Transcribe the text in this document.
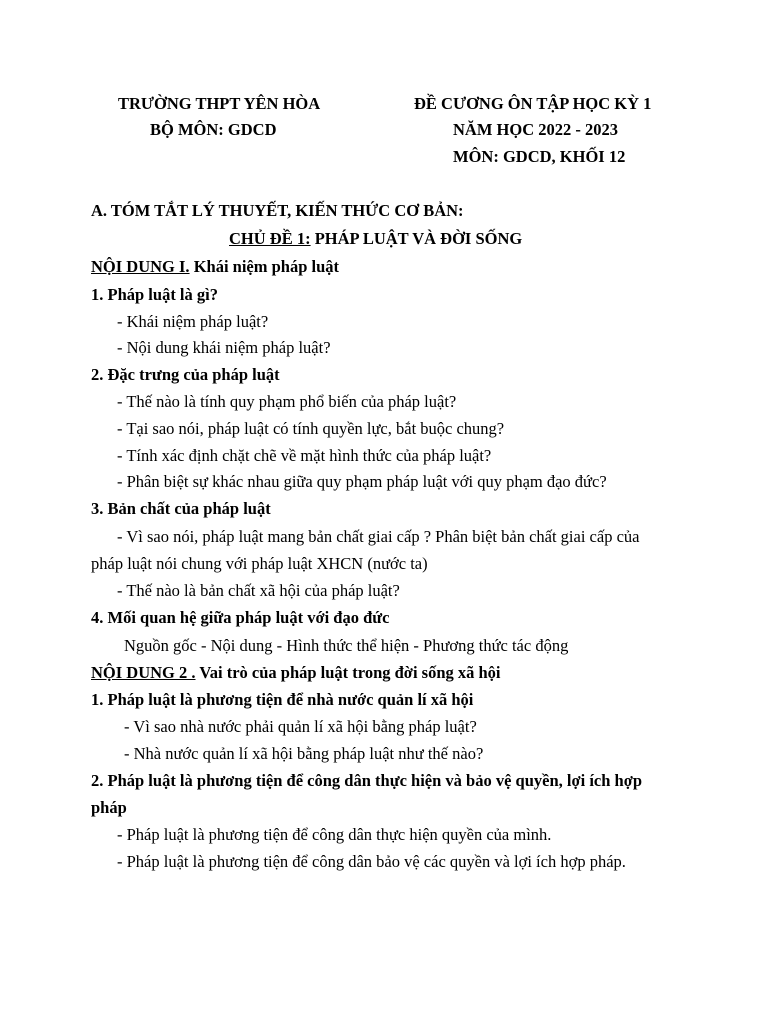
TRƯỜNG THPT YÊN HÒA
BỘ MÔN: GDCD
ĐỀ CƯƠNG ÔN TẬP HỌC KỲ 1
NĂM HỌC 2022 - 2023
MÔN: GDCD, KHỐI 12
A. TÓM TẮT LÝ THUYẾT, KIẾN THỨC CƠ BẢN:
CHỦ ĐỀ 1: PHÁP LUẬT VÀ ĐỜI SỐNG
NỘI DUNG I. Khái niệm pháp luật
1. Pháp luật là gì?
- Khái niệm pháp luật?
- Nội dung khái niệm pháp luật?
2. Đặc trưng của pháp luật
- Thế nào là tính quy phạm phổ biến của pháp luật?
- Tại sao nói, pháp luật có tính quyền lực, bắt buộc chung?
- Tính xác định chặt chẽ về mặt hình thức của pháp luật?
- Phân biệt sự khác nhau giữa quy phạm pháp luật với quy phạm đạo đức?
3. Bản chất của pháp luật
- Vì sao nói, pháp luật mang bản chất giai cấp ? Phân biệt bản chất giai cấp của
pháp luật nói chung với pháp luật XHCN (nước ta)
- Thế nào là bản chất xã hội của pháp luật?
4. Mối quan hệ giữa pháp luật với đạo đức
Nguồn gốc - Nội dung - Hình thức thể hiện - Phương thức tác động
NỘI DUNG 2 . Vai trò của pháp luật trong đời sống xã hội
1. Pháp luật là phương tiện để nhà nước quản lí xã hội
- Vì sao nhà nước phải quản lí xã hội bằng pháp luật?
- Nhà nước quản lí xã hội bằng pháp luật như thế nào?
2. Pháp luật là phương tiện để công dân thực hiện và bảo vệ quyền, lợi ích hợp
pháp
- Pháp luật là phương tiện để công dân thực hiện quyền của mình.
- Pháp luật là phương tiện để công dân bảo vệ các quyền và lợi ích hợp pháp.
